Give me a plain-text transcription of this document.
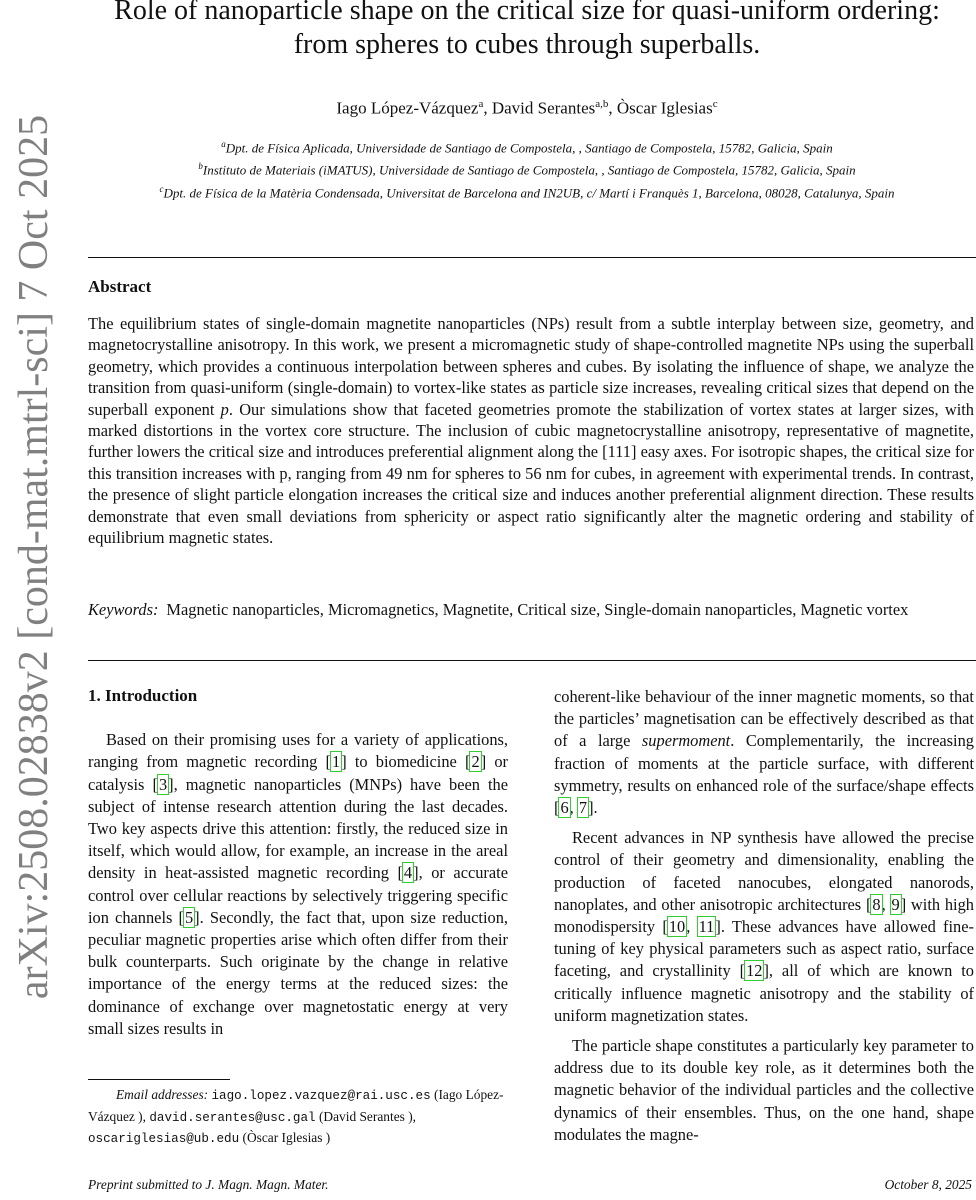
arXiv:2508.02838v2 [cond-mat.mtrl-sci] 7 Oct 2025
Role of nanoparticle shape on the critical size for quasi-uniform ordering: from spheres to cubes through superballs.
Iago López-Vázquez$^a$, David Serantes$^{a,b}$, Òscar Iglesias$^c$
$^a$Dpt. de Física Aplicada, Universidade de Santiago de Compostela, , Santiago de Compostela, 15782, Galicia, Spain
$^b$Instituto de Materiais (iMATUS), Universidade de Santiago de Compostela, , Santiago de Compostela, 15782, Galicia, Spain
$^c$Dpt. de Física de la Matèria Condensada, Universitat de Barcelona and IN2UB, c/ Martí i Franquès 1, Barcelona, 08028, Catalunya, Spain
Abstract
The equilibrium states of single-domain magnetite nanoparticles (NPs) result from a subtle interplay between size, geometry, and magnetocrystalline anisotropy. In this work, we present a micromagnetic study of shape-controlled magnetite NPs using the superball geometry, which provides a continuous interpolation between spheres and cubes. By isolating the influence of shape, we analyze the transition from quasi-uniform (single-domain) to vortex-like states as particle size increases, revealing critical sizes that depend on the superball exponent p. Our simulations show that faceted geometries promote the stabilization of vortex states at larger sizes, with marked distortions in the vortex core structure. The inclusion of cubic magnetocrystalline anisotropy, representative of magnetite, further lowers the critical size and introduces preferential alignment along the [111] easy axes. For isotropic shapes, the critical size for this transition increases with p, ranging from 49 nm for spheres to 56 nm for cubes, in agreement with experimental trends. In contrast, the presence of slight particle elongation increases the critical size and induces another preferential alignment direction. These results demonstrate that even small deviations from sphericity or aspect ratio significantly alter the magnetic ordering and stability of equilibrium magnetic states.
Keywords: Magnetic nanoparticles, Micromagnetics, Magnetite, Critical size, Single-domain nanoparticles, Magnetic vortex
1. Introduction

Based on their promising uses for a variety of applications, ranging from magnetic recording [1] to biomedicine [2] or catalysis [3], magnetic nanoparticles (MNPs) have been the subject of intense research attention during the last decades. Two key aspects drive this attention: firstly, the reduced size in itself, which would allow, for example, an increase in the areal density in heat-assisted magnetic recording [4], or accurate control over cellular reactions by selectively triggering specific ion channels [5]. Secondly, the fact that, upon size reduction, peculiar magnetic properties arise which often differ from their bulk counterparts. Such originate by the change in relative importance of the energy terms at the reduced sizes: the dominance of exchange over magnetostatic energy at very small sizes results in

coherent-like behaviour of the inner magnetic moments, so that the particles’ magnetisation can be effectively described as that of a large supermoment. Complementarily, the increasing fraction of moments at the particle surface, with different symmetry, results on enhanced role of the surface/shape effects [6, 7].

Recent advances in NP synthesis have allowed the precise control of their geometry and dimensionality, enabling the production of faceted nanocubes, elongated nanorods, nanoplates, and other anisotropic architectures [8, 9] with high monodispersity [10, 11]. These advances have allowed fine-tuning of key physical parameters such as aspect ratio, surface faceting, and crystallinity [12], all of which are known to critically influence magnetic anisotropy and the stability of uniform magnetization states.

The particle shape constitutes a particularly key parameter to address due to its double key role, as it determines both the magnetic behavior of the individual particles and the collective dynamics of their ensembles. Thus, on the one hand, shape modulates the magne-

Email addresses: iago.lopez.vazquez@rai.usc.es (Iago López-Vázquez ), david.serantes@usc.gal (David Serantes ), oscariglesias@ub.edu (Òscar Iglesias )
Preprint submitted to J. Magn. Magn. Mater.	October 8, 2025
